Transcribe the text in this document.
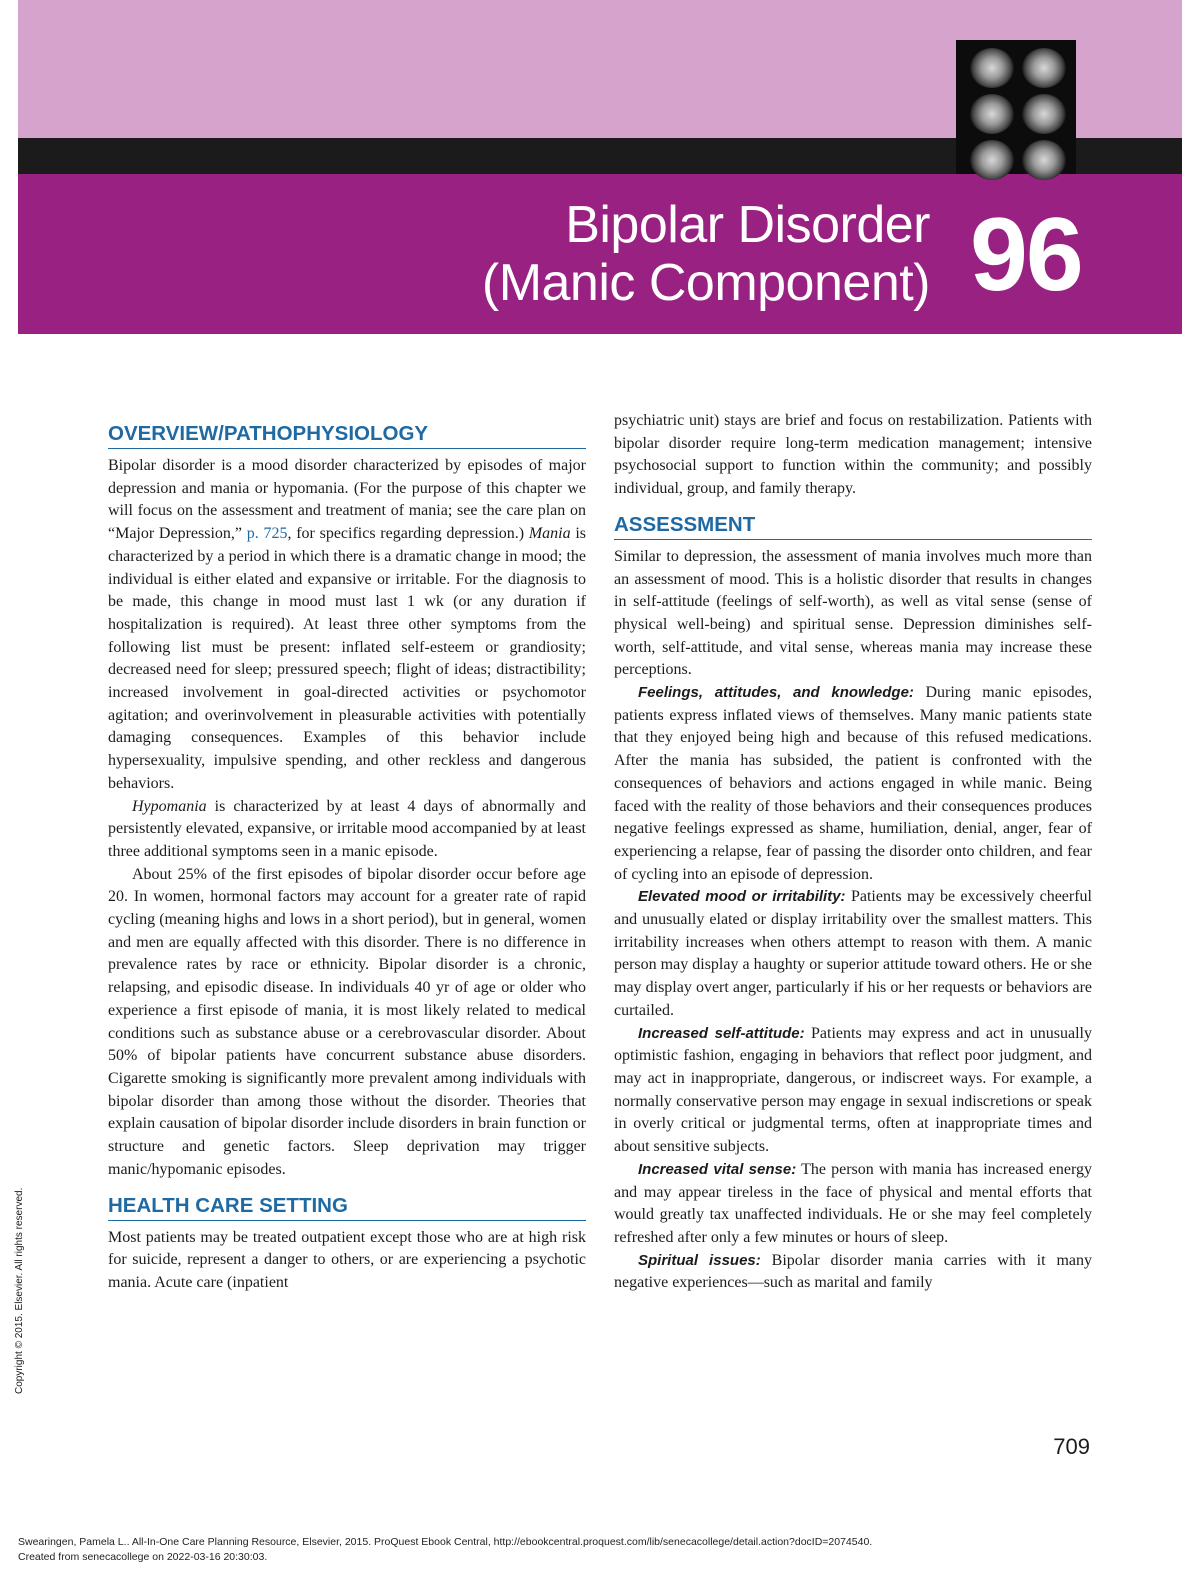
Bipolar Disorder
(Manic Component) 96
OVERVIEW/PATHOPHYSIOLOGY

Bipolar disorder is a mood disorder characterized by episodes of major depression and mania or hypomania. (For the purpose of this chapter we will focus on the assessment and treatment of mania; see the care plan on “Major Depression,” p. 725, for specifics regarding depression.) Mania is characterized by a period in which there is a dramatic change in mood; the individual is either elated and expansive or irritable. For the diagnosis to be made, this change in mood must last 1 wk (or any duration if hospitalization is required). At least three other symptoms from the following list must be present: inflated self-esteem or grandiosity; decreased need for sleep; pressured speech; flight of ideas; distractibility; increased involvement in goal-directed activities or psychomotor agitation; and overinvolvement in pleasurable activities with potentially damaging consequences. Examples of this behavior include hypersexuality, impulsive spending, and other reckless and dangerous behaviors.

Hypomania is characterized by at least 4 days of abnormally and persistently elevated, expansive, or irritable mood accompanied by at least three additional symptoms seen in a manic episode.

About 25% of the first episodes of bipolar disorder occur before age 20. In women, hormonal factors may account for a greater rate of rapid cycling (meaning highs and lows in a short period), but in general, women and men are equally affected with this disorder. There is no difference in prevalence rates by race or ethnicity. Bipolar disorder is a chronic, relapsing, and episodic disease. In individuals 40 yr of age or older who experience a first episode of mania, it is most likely related to medical conditions such as substance abuse or a cerebrovascular disorder. About 50% of bipolar patients have concurrent substance abuse disorders. Cigarette smoking is significantly more prevalent among individuals with bipolar disorder than among those without the disorder. Theories that explain causation of bipolar disorder include disorders in brain function or structure and genetic factors. Sleep deprivation may trigger manic/hypomanic episodes.

HEALTH CARE SETTING

Most patients may be treated outpatient except those who are at high risk for suicide, represent a danger to others, or are experiencing a psychotic mania. Acute care (inpatient

psychiatric unit) stays are brief and focus on restabilization. Patients with bipolar disorder require long-term medication management; intensive psychosocial support to function within the community; and possibly individual, group, and family therapy.

ASSESSMENT

Similar to depression, the assessment of mania involves much more than an assessment of mood. This is a holistic disorder that results in changes in self-attitude (feelings of self-worth), as well as vital sense (sense of physical well-being) and spiritual sense. Depression diminishes self-worth, self-attitude, and vital sense, whereas mania may increase these perceptions.

Feelings, attitudes, and knowledge: During manic episodes, patients express inflated views of themselves. Many manic patients state that they enjoyed being high and because of this refused medications. After the mania has subsided, the patient is confronted with the consequences of behaviors and actions engaged in while manic. Being faced with the reality of those behaviors and their consequences produces negative feelings expressed as shame, humiliation, denial, anger, fear of experiencing a relapse, fear of passing the disorder onto children, and fear of cycling into an episode of depression.

Elevated mood or irritability: Patients may be excessively cheerful and unusually elated or display irritability over the smallest matters. This irritability increases when others attempt to reason with them. A manic person may display a haughty or superior attitude toward others. He or she may display overt anger, particularly if his or her requests or behaviors are curtailed.

Increased self-attitude: Patients may express and act in unusually optimistic fashion, engaging in behaviors that reflect poor judgment, and may act in inappropriate, dangerous, or indiscreet ways. For example, a normally conservative person may engage in sexual indiscretions or speak in overly critical or judgmental terms, often at inappropriate times and about sensitive subjects.

Increased vital sense: The person with mania has increased energy and may appear tireless in the face of physical and mental efforts that would greatly tax unaffected individuals. He or she may feel completely refreshed after only a few minutes or hours of sleep.

Spiritual issues: Bipolar disorder mania carries with it many negative experiences—such as marital and family

709
Copyright © 2015. Elsevier. All rights reserved.
Swearingen, Pamela L.. All-In-One Care Planning Resource, Elsevier, 2015. ProQuest Ebook Central, http://ebookcentral.proquest.com/lib/senecacollege/detail.action?docID=2074540.
Created from senecacollege on 2022-03-16 20:30:03.
